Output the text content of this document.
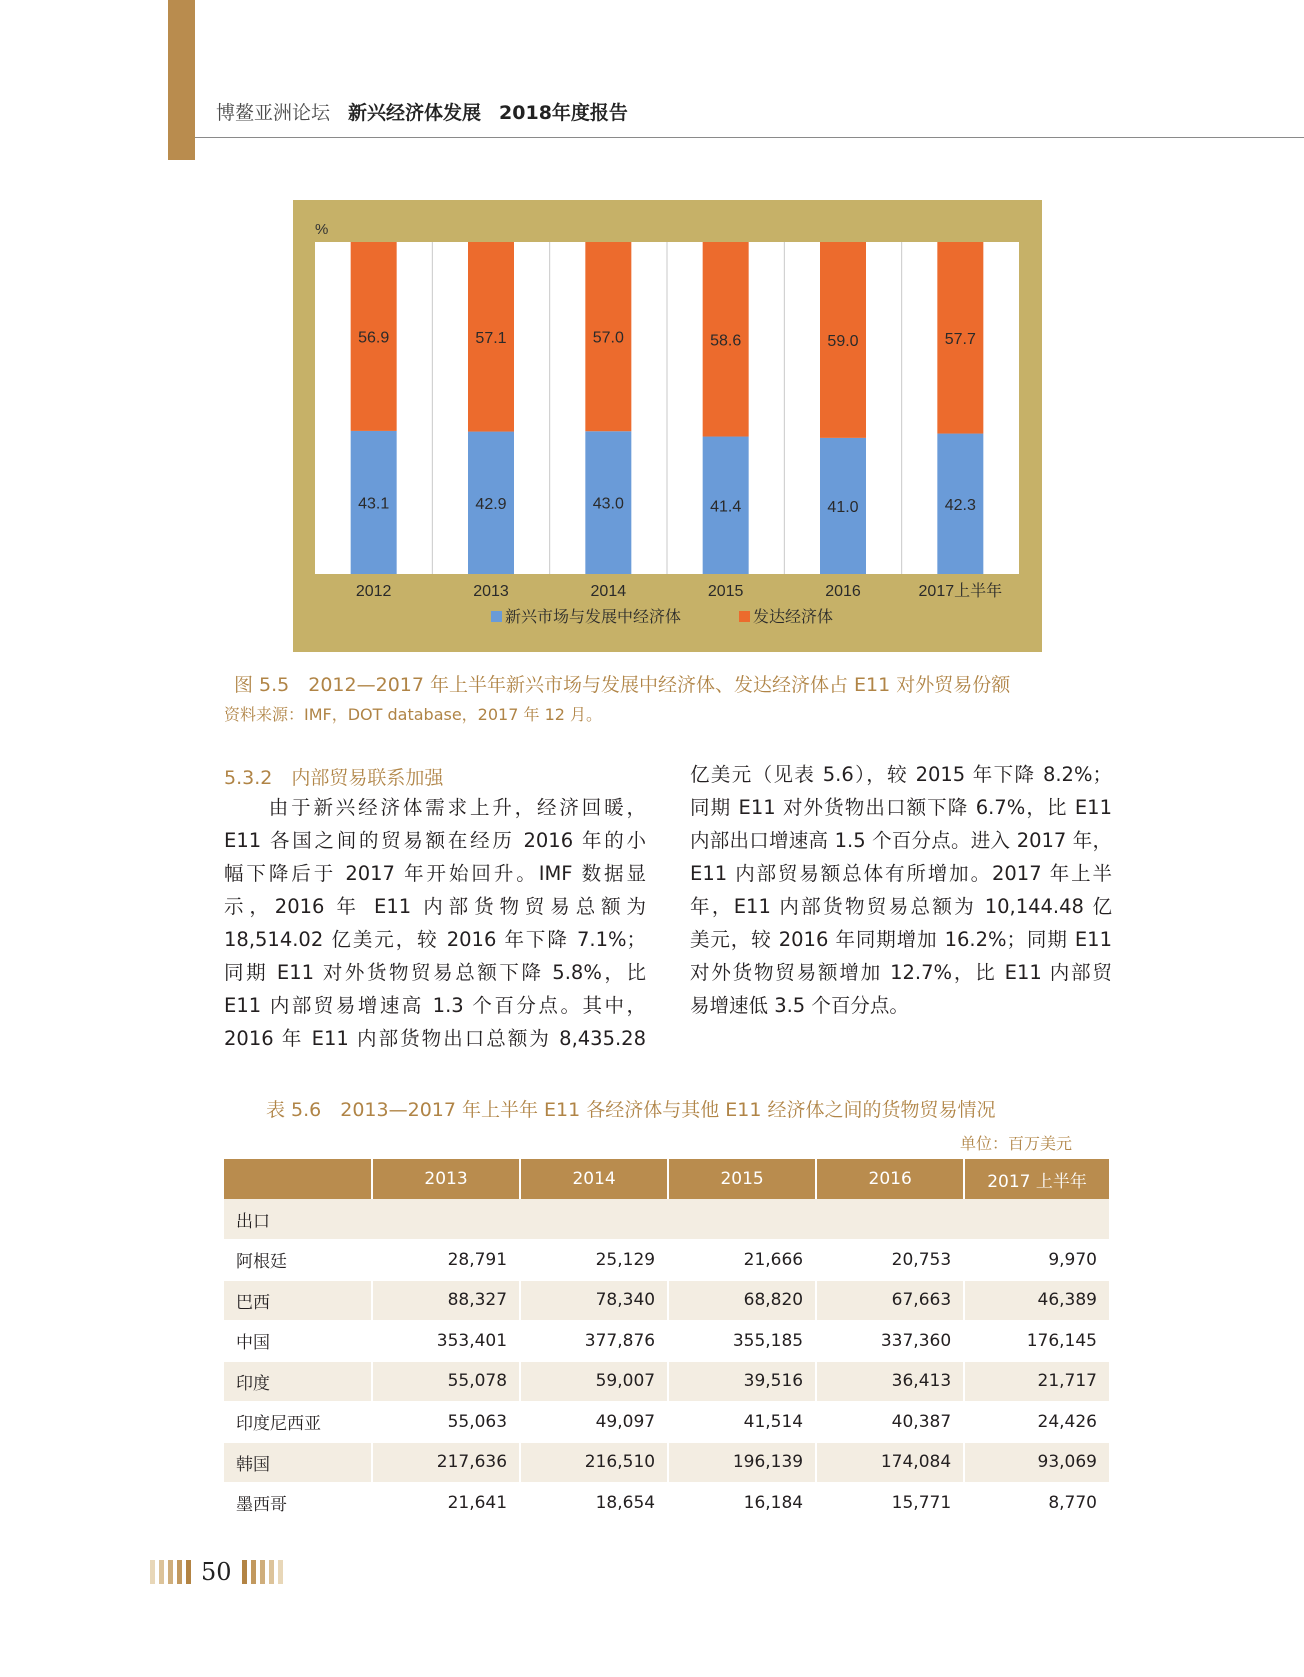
博鳌亚洲论坛 新兴经济体发展 2018年度报告
%
43.1
56.9
2012
42.9
57.1
2013
43.0
57.0
2014
41.4
58.6
2015
41.0
59.0
2016
42.3
57.7
2017上半年
新兴市场与发展中经济体	发达经济体
图 5.5　2012—2017 年上半年新兴市场与发展中经济体、发达经济体占 E11 对外贸易份额
资料来源：IMF，DOT database，2017 年 12 月。
5.3.2　内部贸易联系加强

　　由于新兴经济体需求上升，经济回暖，

E11 各国之间的贸易额在经历 2016 年的小

幅下降后于 2017 年开始回升。IMF 数据显

示，2016 年 E11 内部货物贸易总额为

18,514.02 亿美元，较 2016 年下降 7.1%；

同期 E11 对外货物贸易总额下降 5.8%，比

E11 内部贸易增速高 1.3 个百分点。其中，

2016 年 E11 内部货物出口总额为 8,435.28

亿美元（见表 5.6），较 2015 年下降 8.2%；

同期 E11 对外货物出口额下降 6.7%，比 E11

内部出口增速高 1.5 个百分点。进入 2017 年，

E11 内部贸易额总体有所增加。2017 年上半

年，E11 内部货物贸易总额为 10,144.48 亿

美元，较 2016 年同期增加 16.2%；同期 E11

对外货物贸易额增加 12.7%，比 E11 内部贸

易增速低 3.5 个百分点。

表 5.6　2013—2017 年上半年 E11 各经济体与其他 E11 经济体之间的货物贸易情况
单位：百万美元
	2013	2014	2015	2016	2017 上半年
出口					
阿根廷	28,791	25,129	21,666	20,753	9,970
巴西	88,327	78,340	68,820	67,663	46,389
中国	353,401	377,876	355,185	337,360	176,145
印度	55,078	59,007	39,516	36,413	21,717
印度尼西亚	55,063	49,097	41,514	40,387	24,426
韩国	217,636	216,510	196,139	174,084	93,069
墨西哥	21,641	18,654	16,184	15,771	8,770
50
